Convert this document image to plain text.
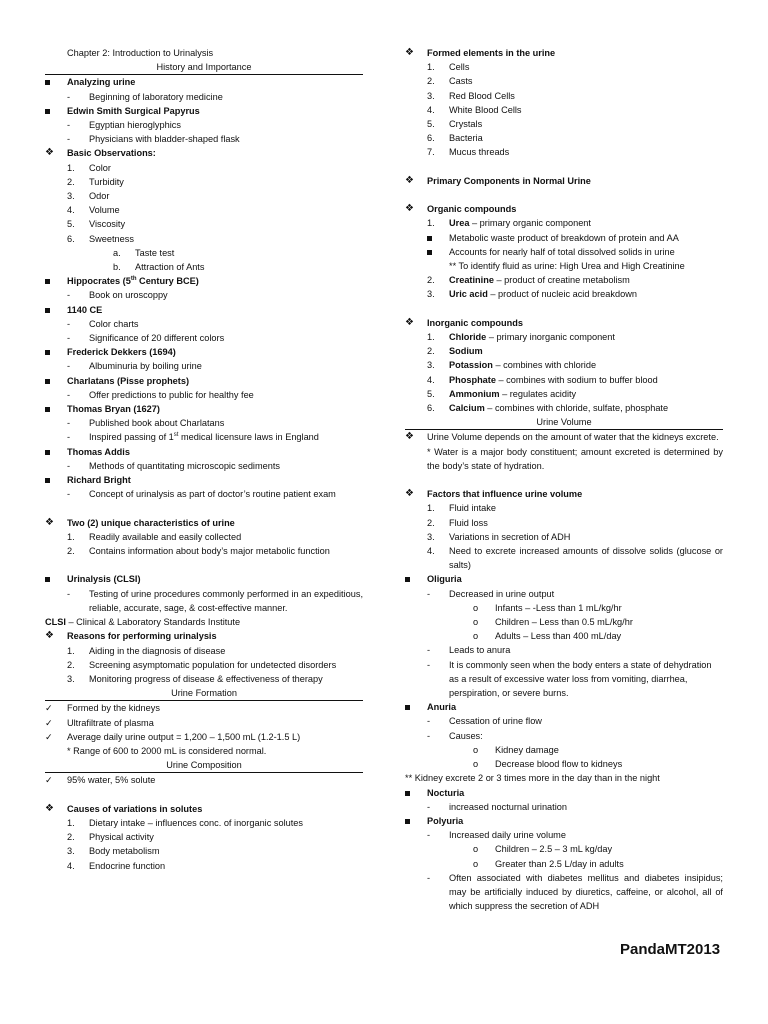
Chapter 2: Introduction to Urinalysis
History and Importance
Analyzing urine
-	Beginning of laboratory medicine
Edwin Smith Surgical Papyrus
-	Egyptian hieroglyphics
-	Physicians with bladder-shaped flask
❖	Basic Observations:
1.	Color
2.	Turbidity
3.	Odor
4.	Volume
5.	Viscosity
6.	Sweetness
a.	Taste test
b.	Attraction of Ants
Hippocrates (5th Century BCE)
-	Book on uroscoppy
1140 CE
-	Color charts
-	Significance of 20 different colors
Frederick Dekkers (1694)
-	Albuminuria by boiling urine
Charlatans (Pisse prophets)
-	Offer predictions to public for healthy fee
Thomas Bryan (1627)
-	Published book about Charlatans
-	Inspired passing of 1st medical licensure laws in England
Thomas Addis
-	Methods of quantitating microscopic sediments
Richard Bright
-	Concept of urinalysis as part of doctor’s routine patient exam
❖	Two (2) unique characteristics of urine
1.	Readily available and easily collected
2.	Contains information about body’s major metabolic function
Urinalysis (CLSI)
-	Testing of urine procedures commonly performed in an expeditious, reliable, accurate, sage, & cost-effective manner.
CLSI – Clinical & Laboratory Standards Institute
❖	Reasons for performing urinalysis
1.	Aiding in the diagnosis of disease
2.	Screening asymptomatic population for undetected disorders
3.	Monitoring progress of disease & effectiveness of therapy
Urine Formation
✓	Formed by the kidneys
✓	Ultrafiltrate of plasma
✓	Average daily urine output = 1,200 – 1,500 mL (1.2-1.5 L)
* Range of 600 to 2000 mL is considered normal.
Urine Composition
✓	95% water, 5% solute
❖	Causes of variations in solutes
1.	Dietary intake – influences conc. of inorganic solutes
2.	Physical activity
3.	Body metabolism
4.	Endocrine function
❖	Formed elements in the urine
1.	Cells
2.	Casts
3.	Red Blood Cells
4.	White Blood Cells
5.	Crystals
6.	Bacteria
7.	Mucus threads
❖	Primary Components in Normal Urine
❖	Organic compounds
1.	Urea – primary organic component
Metabolic waste product of breakdown of protein and AA
Accounts for nearly half of total dissolved solids in urine
** To identify fluid as urine: High Urea and High Creatinine
2.	Creatinine – product of creatine metabolism
3.	Uric acid – product of nucleic acid breakdown
❖	Inorganic compounds
1.	Chloride – primary inorganic component
2.	Sodium
3.	Potassion – combines with chloride
4.	Phosphate – combines with sodium to buffer blood
5.	Ammonium – regulates acidity
6.	Calcium – combines with chloride, sulfate, phosphate
Urine Volume
❖	Urine Volume depends on the amount of water that the kidneys excrete.
* Water is a major body constituent; amount excreted is determined by the body’s state of hydration.
❖	Factors that influence urine volume
1.	Fluid intake
2.	Fluid loss
3.	Variations in secretion of ADH
4.	Need to excrete increased amounts of dissolve solids (glucose or salts)
Oliguria
-	Decreased in urine output
o	Infants – -Less than 1 mL/kg/hr
o	Children – Less than 0.5 mL/kg/hr
o	Adults – Less than 400 mL/day
-	Leads to anura
-	It is commonly seen when the body enters a state of dehydration as a result of excessive water loss from vomiting, diarrhea, perspiration, or severe burns.
Anuria
-	Cessation of urine flow
-	Causes:
o	Kidney damage
o	Decrease blood flow to kidneys
** Kidney excrete 2 or 3 times more in the day than in the night
Nocturia
-	increased nocturnal urination
Polyuria
-	Increased daily urine volume
o	Children – 2.5 – 3 mL kg/day
o	Greater than 2.5 L/day in adults
-	Often associated with diabetes mellitus and diabetes insipidus; may be artificially induced by diuretics, caffeine, or alcohol, all of which suppress the secretion of ADH
PandaMT2013
